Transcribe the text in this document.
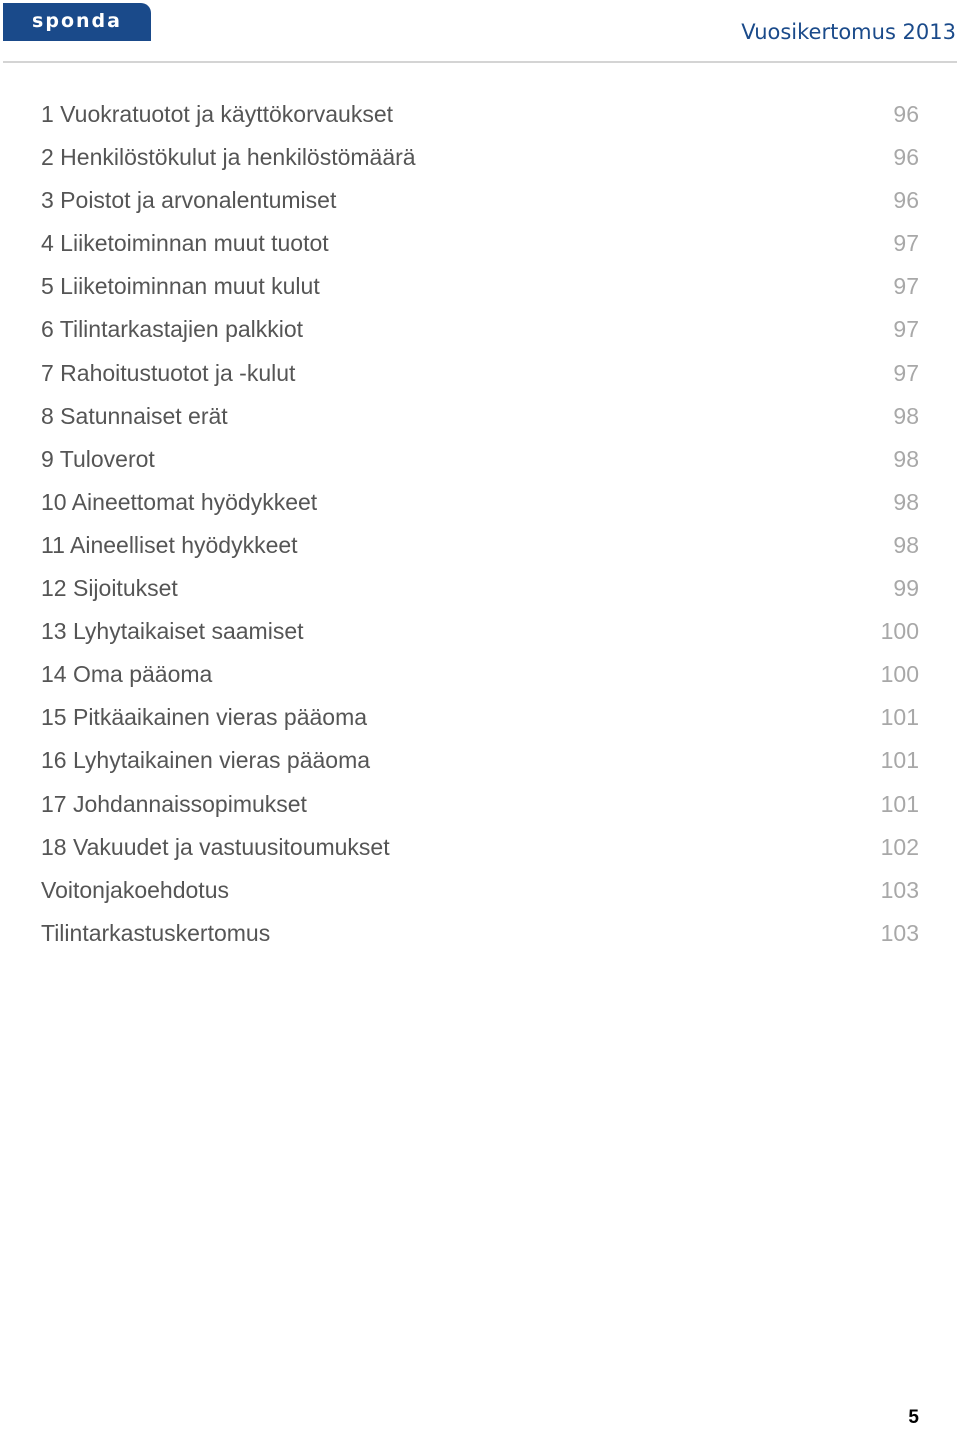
sponda	Vuosikertomus 2013
1 Vuokratuotot ja käyttökorvaukset	96
2 Henkilöstökulut ja henkilöstömäärä	96
3 Poistot ja arvonalentumiset	96
4 Liiketoiminnan muut tuotot	97
5 Liiketoiminnan muut kulut	97
6 Tilintarkastajien palkkiot	97
7 Rahoitustuotot ja -kulut	97
8 Satunnaiset erät	98
9 Tuloverot	98
10 Aineettomat hyödykkeet	98
11 Aineelliset hyödykkeet	98
12 Sijoitukset	99
13 Lyhytaikaiset saamiset	100
14 Oma pääoma	100
15 Pitkäaikainen vieras pääoma	101
16 Lyhytaikainen vieras pääoma	101
17 Johdannaissopimukset	101
18 Vakuudet ja vastuusitoumukset	102
Voitonjakoehdotus	103
Tilintarkastuskertomus	103
5
